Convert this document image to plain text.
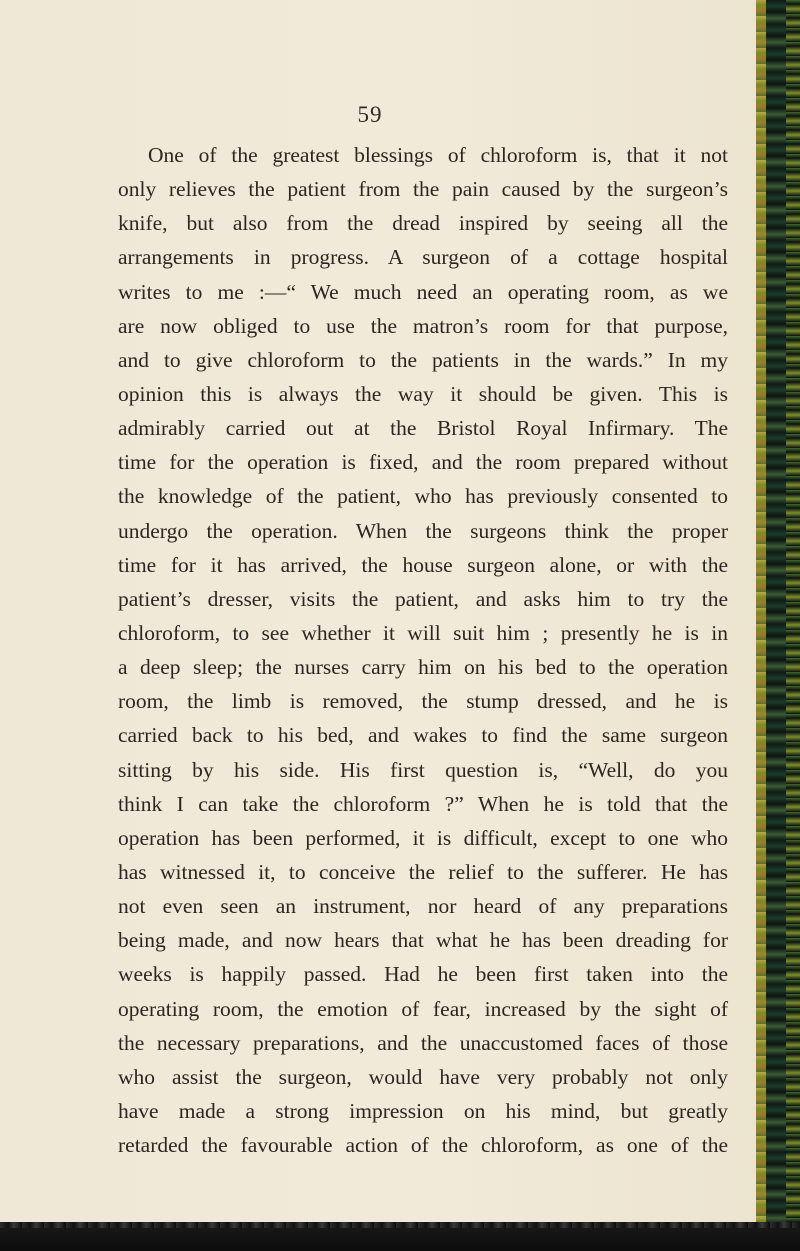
59
One of the greatest blessings of chloroform is, that it not
only relieves the patient from the pain caused by the surgeon’s
knife, but also from the dread inspired by seeing all the
arrangements in progress. A surgeon of a cottage hospital
writes to me :—“ We much need an operating room, as we
are now obliged to use the matron’s room for that purpose,
and to give chloroform to the patients in the wards.” In my
opinion this is always the way it should be given. This is
admirably carried out at the Bristol Royal Infirmary. The
time for the operation is fixed, and the room prepared without
the knowledge of the patient, who has previously consented to
undergo the operation. When the surgeons think the proper
time for it has arrived, the house surgeon alone, or with the
patient’s dresser, visits the patient, and asks him to try the
chloroform, to see whether it will suit him ; presently he is in
a deep sleep; the nurses carry him on his bed to the operation
room, the limb is removed, the stump dressed, and he is
carried back to his bed, and wakes to find the same surgeon
sitting by his side. His first question is, “Well, do you
think I can take the chloroform ?” When he is told that the
operation has been performed, it is difficult, except to one who
has witnessed it, to conceive the relief to the sufferer. He has
not even seen an instrument, nor heard of any preparations
being made, and now hears that what he has been dreading for
weeks is happily passed. Had he been first taken into the
operating room, the emotion of fear, increased by the sight of
the necessary preparations, and the unaccustomed faces of those
who assist the surgeon, would have very probably not only
have made a strong impression on his mind, but greatly
retarded the favourable action of the chloroform, as one of the
